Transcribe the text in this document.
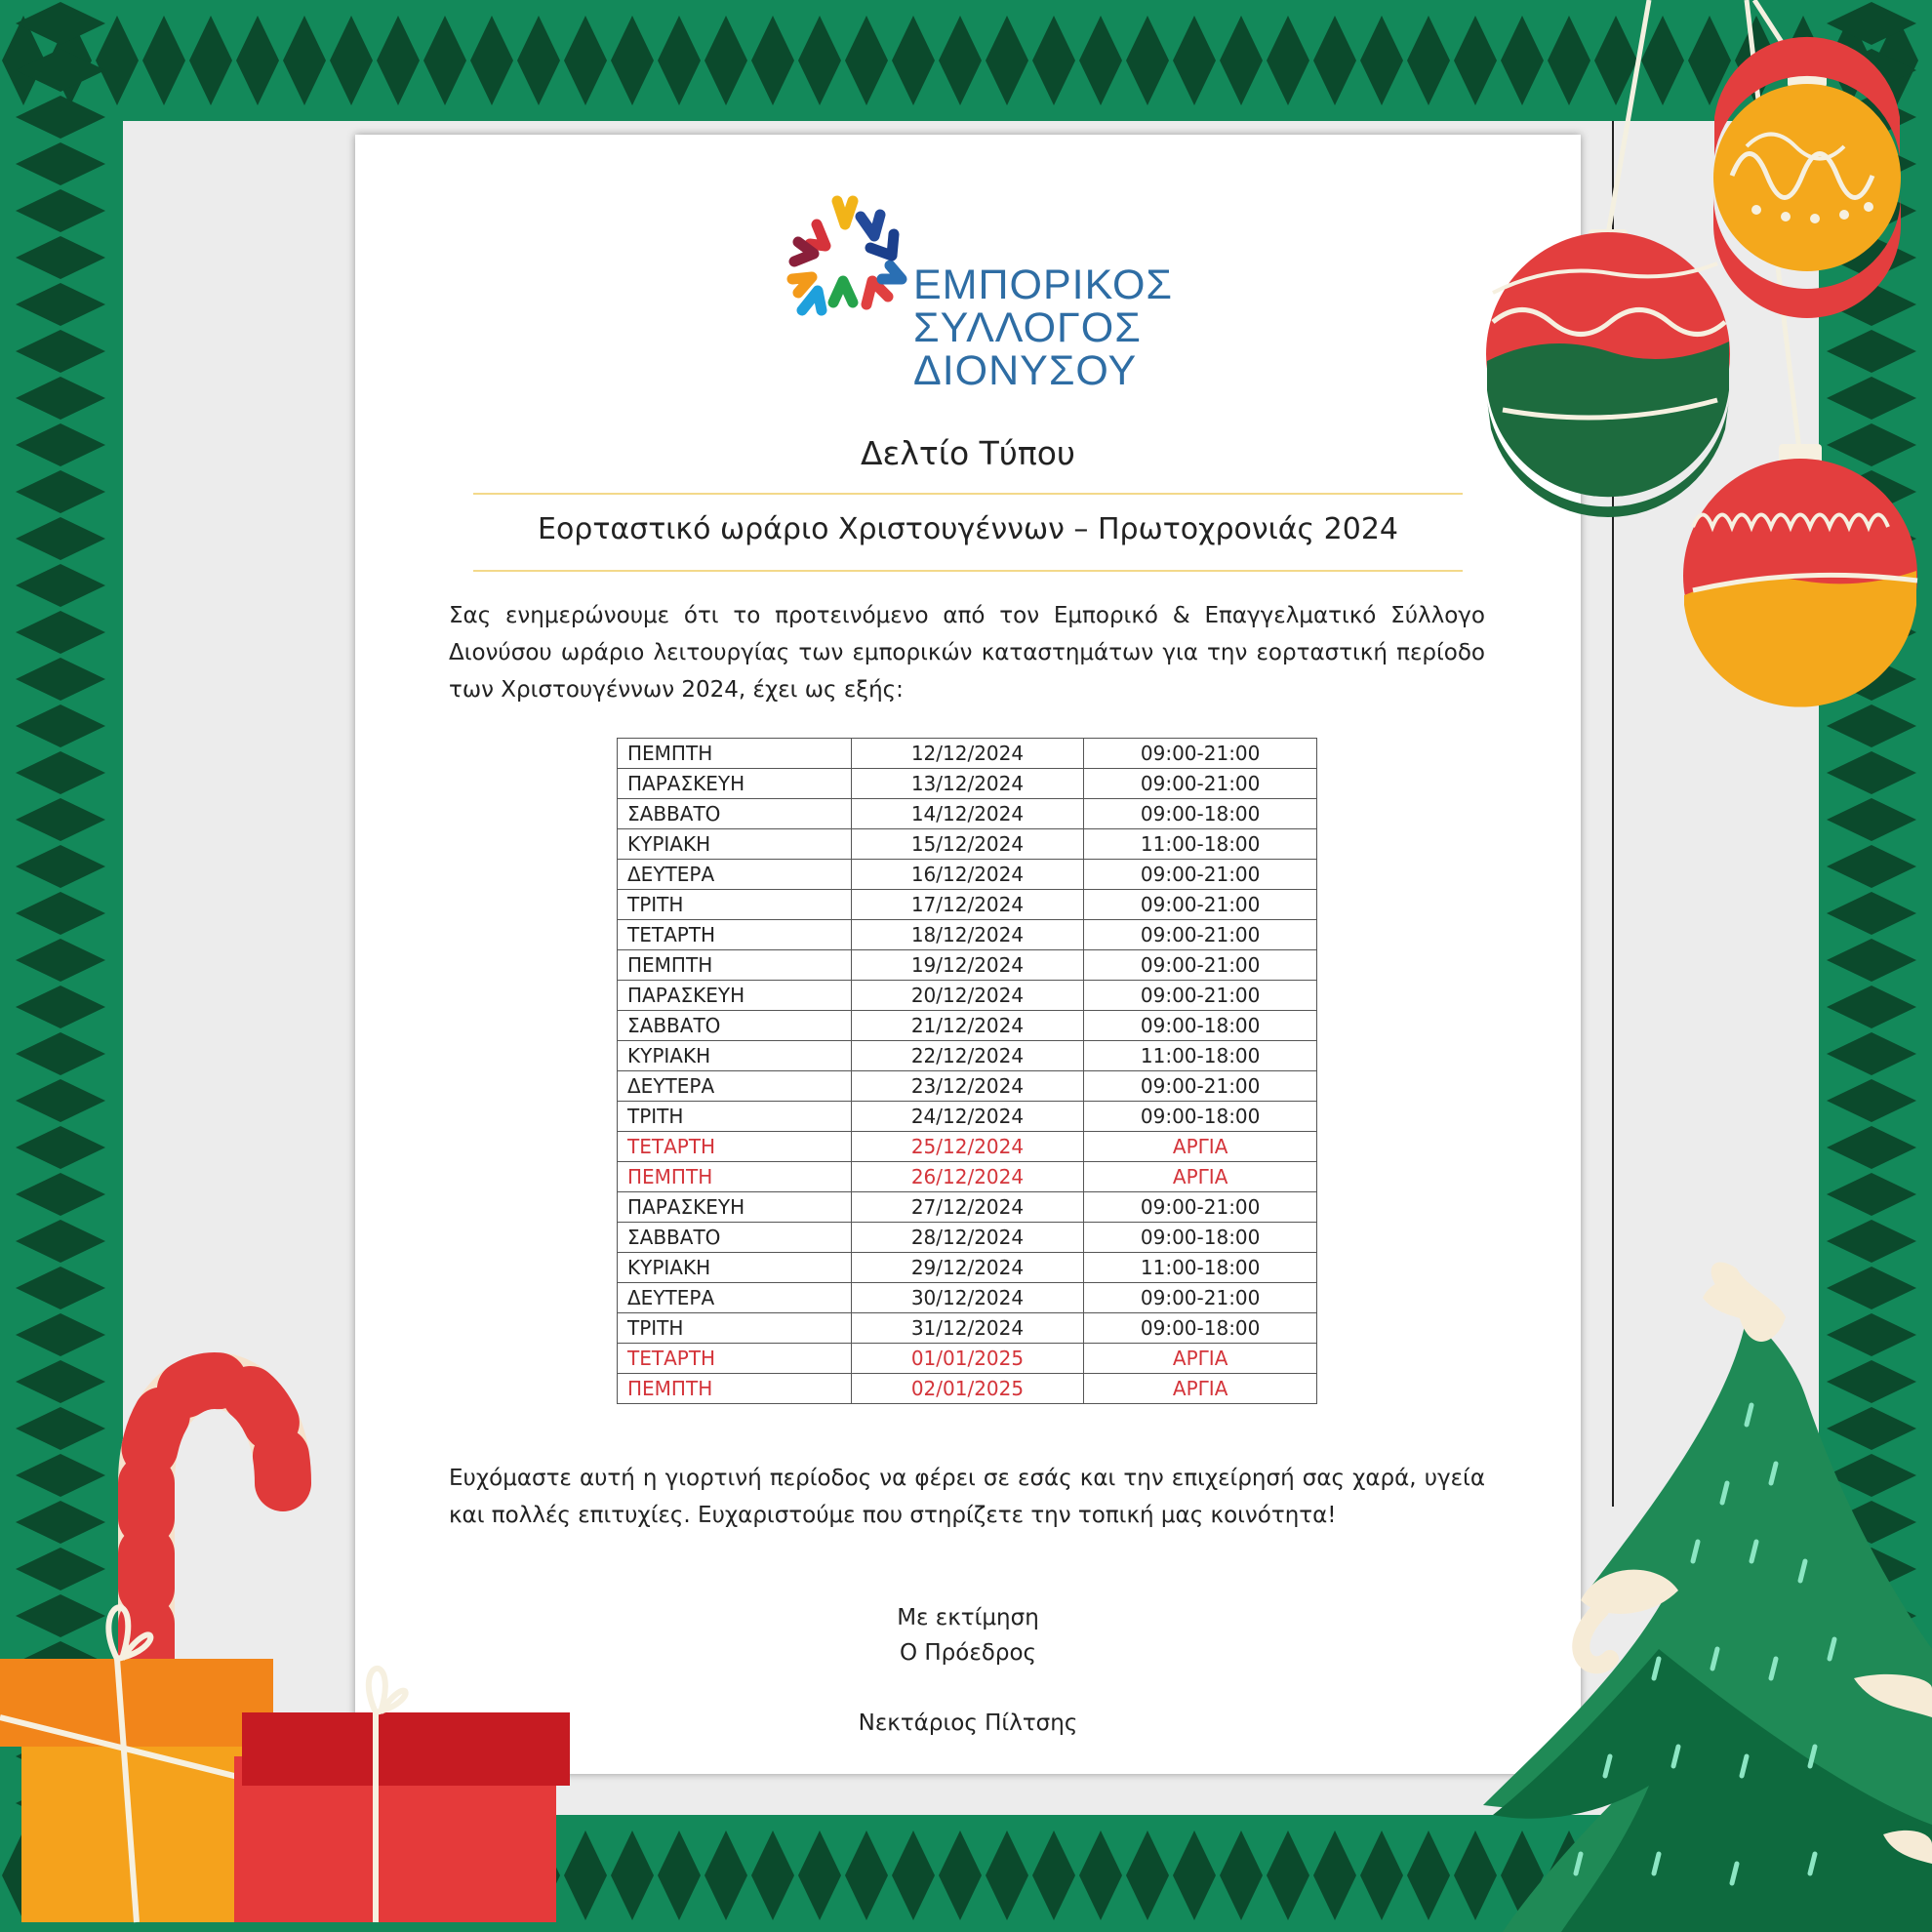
ΕΜΠΟΡΙΚΟΣ
ΣΥΛΛΟΓΟΣ
ΔΙΟΝΥΣΟΥ
Δελτίο Τύπου
Εορταστικό ωράριο Χριστουγέννων – Πρωτοχρονιάς 2024
Σας ενημερώνουμε ότι το προτεινόμενο από τον Εμπορικό & Επαγγελματικό Σύλλογο Διονύσου ωράριο λειτουργίας των εμπορικών καταστημάτων για την εορταστική περίοδο των Χριστουγέννων 2024, έχει ως εξής:
ΠΕΜΠΤΗ	12/12/2024	09:00-21:00
ΠΑΡΑΣΚΕΥΗ	13/12/2024	09:00-21:00
ΣΑΒΒΑΤΟ	14/12/2024	09:00-18:00
ΚΥΡΙΑΚΗ	15/12/2024	11:00-18:00
ΔΕΥΤΕΡΑ	16/12/2024	09:00-21:00
ΤΡΙΤΗ	17/12/2024	09:00-21:00
ΤΕΤΑΡΤΗ	18/12/2024	09:00-21:00
ΠΕΜΠΤΗ	19/12/2024	09:00-21:00
ΠΑΡΑΣΚΕΥΗ	20/12/2024	09:00-21:00
ΣΑΒΒΑΤΟ	21/12/2024	09:00-18:00
ΚΥΡΙΑΚΗ	22/12/2024	11:00-18:00
ΔΕΥΤΕΡΑ	23/12/2024	09:00-21:00
ΤΡΙΤΗ	24/12/2024	09:00-18:00
ΤΕΤΑΡΤΗ	25/12/2024	ΑΡΓΙΑ
ΠΕΜΠΤΗ	26/12/2024	ΑΡΓΙΑ
ΠΑΡΑΣΚΕΥΗ	27/12/2024	09:00-21:00
ΣΑΒΒΑΤΟ	28/12/2024	09:00-18:00
ΚΥΡΙΑΚΗ	29/12/2024	11:00-18:00
ΔΕΥΤΕΡΑ	30/12/2024	09:00-21:00
ΤΡΙΤΗ	31/12/2024	09:00-18:00
ΤΕΤΑΡΤΗ	01/01/2025	ΑΡΓΙΑ
ΠΕΜΠΤΗ	02/01/2025	ΑΡΓΙΑ
Ευχόμαστε αυτή η γιορτινή περίοδος να φέρει σε εσάς και την επιχείρησή σας χαρά, υγεία και πολλές επιτυχίες. Ευχαριστούμε που στηρίζετε την τοπική μας κοινότητα!
Με εκτίμηση
Ο Πρόεδρος
Νεκτάριος Πίλτσης
